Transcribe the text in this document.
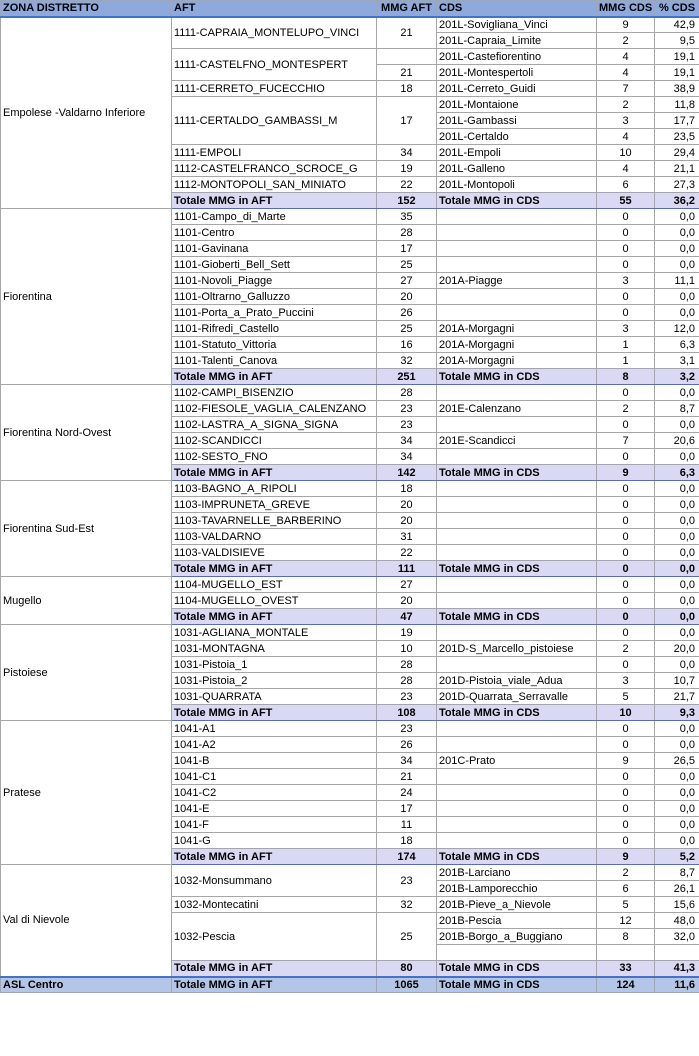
ZONA DISTRETTO	AFT	MMG AFT	CDS	MMG CDS	% CDS
Empolese -Valdarno Inferiore	1111-CAPRAIA_MONTELUPO_VINCI	21	201L-Sovigliana_Vinci	9	42,9
			201L-Capraia_Limite	2	9,5
	1111-CASTELFNO_MONTESPERT		201L-Castefiorentino	4	19,1
		21	201L-Montespertoli	4	19,1
	1111-CERRETO_FUCECCHIO	18	201L-Cerreto_Guidi	7	38,9
	1111-CERTALDO_GAMBASSI_M	17	201L-Montaione	2	11,8
			201L-Gambassi	3	17,7
			201L-Certaldo	4	23,5
	1111-EMPOLI	34	201L-Empoli	10	29,4
	1112-CASTELFRANCO_SCROCE_G	19	201L-Galleno	4	21,1
	1112-MONTOPOLI_SAN_MINIATO	22	201L-Montopoli	6	27,3
	Totale MMG in AFT	152	Totale MMG in CDS	55	36,2
Fiorentina	1101-Campo_di_Marte	35		0	0,0
	1101-Centro	28		0	0,0
	1101-Gavinana	17		0	0,0
	1101-Gioberti_Bell_Sett	25		0	0,0
	1101-Novoli_Piagge	27	201A-Piagge	3	11,1
	1101-Oltrarno_Galluzzo	20		0	0,0
	1101-Porta_a_Prato_Puccini	26		0	0,0
	1101-Rifredi_Castello	25	201A-Morgagni	3	12,0
	1101-Statuto_Vittoria	16	201A-Morgagni	1	6,3
	1101-Talenti_Canova	32	201A-Morgagni	1	3,1
	Totale MMG in AFT	251	Totale MMG in CDS	8	3,2
Fiorentina Nord-Ovest	1102-CAMPI_BISENZIO	28		0	0,0
	1102-FIESOLE_VAGLIA_CALENZANO	23	201E-Calenzano	2	8,7
	1102-LASTRA_A_SIGNA_SIGNA	23		0	0,0
	1102-SCANDICCI	34	201E-Scandicci	7	20,6
	1102-SESTO_FNO	34		0	0,0
	Totale MMG in AFT	142	Totale MMG in CDS	9	6,3
Fiorentina Sud-Est	1103-BAGNO_A_RIPOLI	18		0	0,0
	1103-IMPRUNETA_GREVE	20		0	0,0
	1103-TAVARNELLE_BARBERINO	20		0	0,0
	1103-VALDARNO	31		0	0,0
	1103-VALDISIEVE	22		0	0,0
	Totale MMG in AFT	111	Totale MMG in CDS	0	0,0
Mugello	1104-MUGELLO_EST	27		0	0,0
	1104-MUGELLO_OVEST	20		0	0,0
	Totale MMG in AFT	47	Totale MMG in CDS	0	0,0
Pistoiese	1031-AGLIANA_MONTALE	19		0	0,0
	1031-MONTAGNA	10	201D-S_Marcello_pistoiese	2	20,0
	1031-Pistoia_1	28		0	0,0
	1031-Pistoia_2	28	201D-Pistoia_viale_Adua	3	10,7
	1031-QUARRATA	23	201D-Quarrata_Serravalle	5	21,7
	Totale MMG in AFT	108	Totale MMG in CDS	10	9,3
Pratese	1041-A1	23		0	0,0
	1041-A2	26		0	0,0
	1041-B	34	201C-Prato	9	26,5
	1041-C1	21		0	0,0
	1041-C2	24		0	0,0
	1041-E	17		0	0,0
	1041-F	11		0	0,0
	1041-G	18		0	0,0
	Totale MMG in AFT	174	Totale MMG in CDS	9	5,2
Val di Nievole	1032-Monsummano	23	201B-Larciano	2	8,7
			201B-Lamporecchio	6	26,1
	1032-Montecatini	32	201B-Pieve_a_Nievole	5	15,6
	1032-Pescia	25	201B-Pescia	12	48,0
			201B-Borgo_a_Buggiano	8	32,0

	Totale MMG in AFT	80	Totale MMG in CDS	33	41,3
ASL Centro	Totale MMG in AFT	1065	Totale MMG in CDS	124	11,6
